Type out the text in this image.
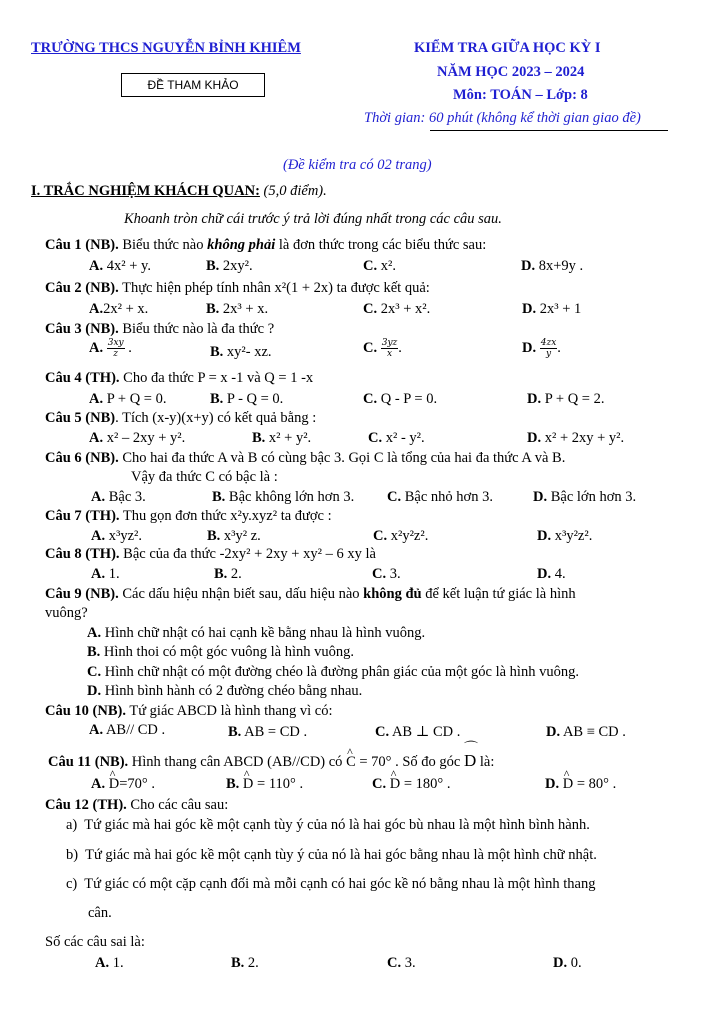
TRƯỜNG THCS NGUYỄN BỈNH KHIÊM
ĐỀ THAM KHẢO
KIỂM TRA GIỮA HỌC KỲ I
NĂM HỌC 2023 – 2024
Môn: TOÁN – Lớp: 8
Thời gian: 60 phút (không kể thời gian giao đề)
(Đề kiểm tra có 02 trang)
I. TRẮC NGHIỆM KHÁCH QUAN: (5,0 điểm).
Khoanh tròn chữ cái trước ý trả lời đúng nhất trong các câu sau.
Câu 1 (NB). Biểu thức nào không phải là đơn thức trong các biểu thức sau:
A. 4x² + y.	B. 2xy².	C. x².	D. 8x+9y .
Câu 2 (NB). Thực hiện phép tính nhân x²(1 + 2x) ta được kết quả:
A.2x² + x.	B. 2x³ + x.	C. 2x³ + x².	D. 2x³ + 1
Câu 3 (NB). Biểu thức nào là đa thức ?
A. $\frac{3xy}{z}$ .	B. xy²- xz.	C. $\frac{3yz}{x}$ .	D. $\frac{4zx}{y}$ .
Câu 4 (TH). Cho đa thức P = x -1 và Q = 1 -x
A. P + Q = 0.	B. P - Q = 0.	C. Q - P = 0.	D. P + Q = 2.
Câu 5 (NB). Tích (x-y)(x+y) có kết quả bằng :
A. x² – 2xy + y².	B. x² + y².	C. x² - y².	D. x² + 2xy + y².
Câu 6 (NB). Cho hai đa thức A và B có cùng bậc 3. Gọi C là tổng của hai đa thức A và B.
Vậy đa thức C có bậc là :
A. Bậc 3.	B. Bậc không lớn hơn 3. C. Bậc nhỏ hơn 3.	D. Bậc lớn hơn 3.
Câu 7 (TH). Thu gọn đơn thức x²y.xyz² ta được :
A. x³yz².	B. x³y² z.	C. x²y²z².	D. x³y²z².
Câu 8 (TH). Bậc của đa thức -2xy² + 2xy + xy² – 6 xy là
A. 1.	B. 2.	C. 3.	D. 4.
Câu 9 (NB). Các dấu hiệu nhận biết sau, dấu hiệu nào không đủ để kết luận tứ giác là hình
vuông?
A. Hình chữ nhật có hai cạnh kề bằng nhau là hình vuông.
B. Hình thoi có một góc vuông là hình vuông.
C. Hình chữ nhật có một đường chéo là đường phân giác của một góc là hình vuông.
D. Hình bình hành có 2 đường chéo bằng nhau.
Câu 10 (NB). Tứ giác ABCD là hình thang vì có:
A. AB// CD .	B. AB = CD .	C. AB ⊥ CD .	D. AB ≡ CD .
Câu 11 (NB). Hình thang cân ABCD (AB//CD) có ^ C = 70° . Số đo góc ⌒ D là:
A. ^ D=70° .	B. ^ D = 110° .	C. ^ D = 180° .	D. ^ D = 80° .
Câu 12 (TH). Cho các câu sau:
a) Tứ giác mà hai góc kề một cạnh tùy ý của nó là hai góc bù nhau là một hình bình hành.
b) Tứ giác mà hai góc kề một cạnh tùy ý của nó là hai góc bằng nhau là một hình chữ nhật.
c) Tứ giác có một cặp cạnh đối mà mỗi cạnh có hai góc kề nó bằng nhau là một hình thang
cân.
Số các câu sai là:
A. 1.	B. 2.	C. 3.	D. 0.
